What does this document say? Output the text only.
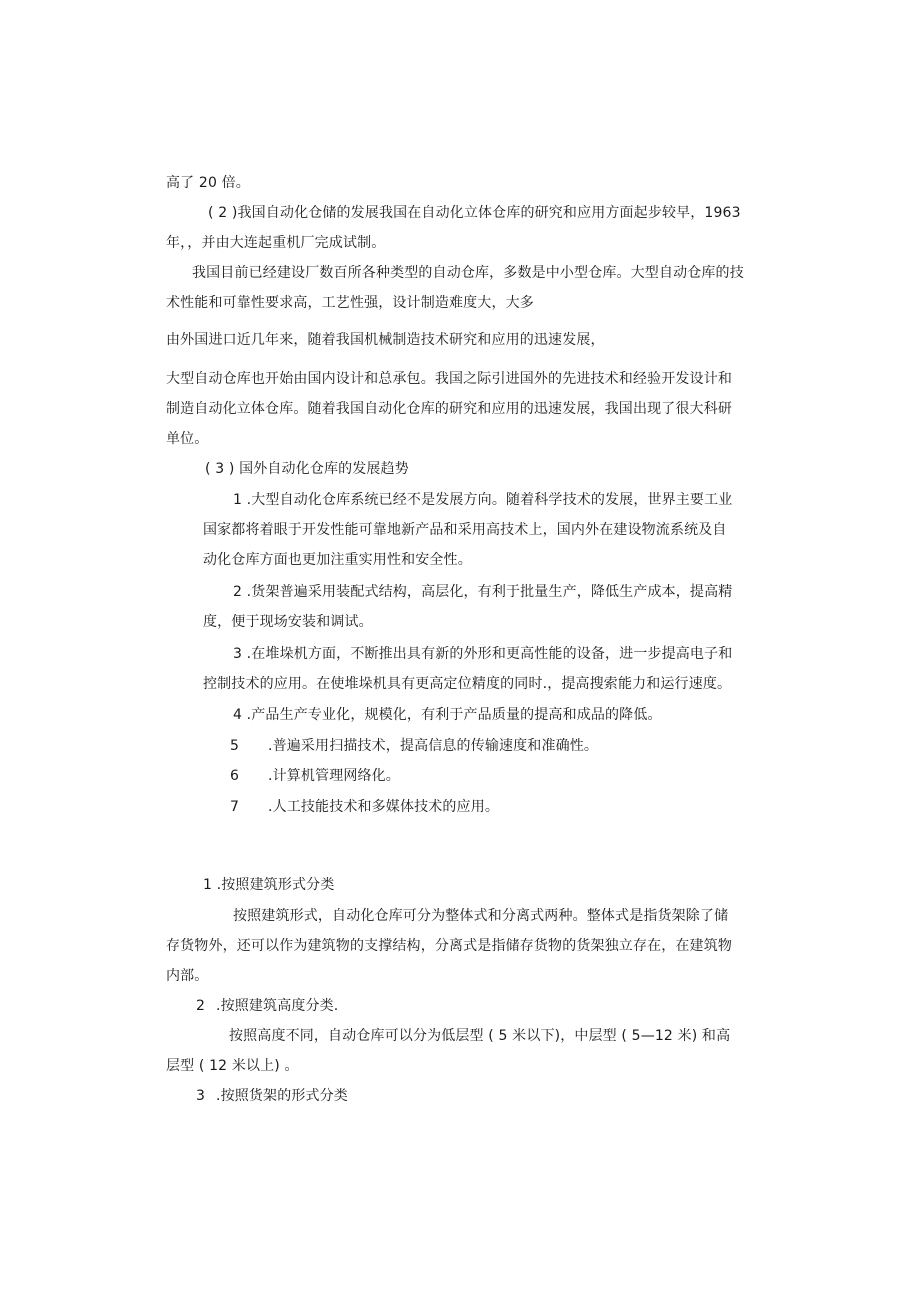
高了 20 倍。
( 2 )我国自动化仓储的发展我国在自动化立体仓库的研究和应用方面起步较早，1963
年，，并由大连起重机厂完成试制。
我国目前已经建设厂数百所各种类型的自动仓库，多数是中小型仓库。大型自动仓库的技
术性能和可靠性要求高，工艺性强，设计制造难度大，大多
由外国进口近几年来，随着我国机械制造技术研究和应用的迅速发展，
大型自动仓库也开始由国内设计和总承包。我国之际引进国外的先进技术和经验开发设计和
制造自动化立体仓库。随着我国自动化仓库的研究和应用的迅速发展，我国出现了很大科研
单位。
( 3 ) 国外自动化仓库的发展趋势
1 .大型自动化仓库系统已经不是发展方向。随着科学技术的发展，世界主要工业
国家都将着眼于开发性能可靠地新产品和采用高技术上，国内外在建设物流系统及自
动化仓库方面也更加注重实用性和安全性。
2 .货架普遍采用装配式结构，高层化，有利于批量生产，降低生产成本，提高精
度，便于现场安装和调试。
3 .在堆垛机方面，不断推出具有新的外形和更高性能的设备，进一步提高电子和
控制技术的应用。在使堆垛机具有更高定位精度的同时.，提高搜索能力和运行速度。
4 .产品生产专业化，规模化，有利于产品质量的提高和成品的降低。
5 .普遍采用扫描技术，提高信息的传输速度和准确性。
6 .计算机管理网络化。
7 .人工技能技术和多媒体技术的应用。
1 .按照建筑形式分类
按照建筑形式，自动化仓库可分为整体式和分离式两种。整体式是指货架除了储
存货物外，还可以作为建筑物的支撑结构，分离式是指储存货物的货架独立存在，在建筑物
内部。
2 .按照建筑高度分类.
按照高度不同，自动仓库可以分为低层型 ( 5 米以下)，中层型 ( 5—12 米) 和高
层型 ( 12 米以上) 。
3 .按照货架的形式分类
